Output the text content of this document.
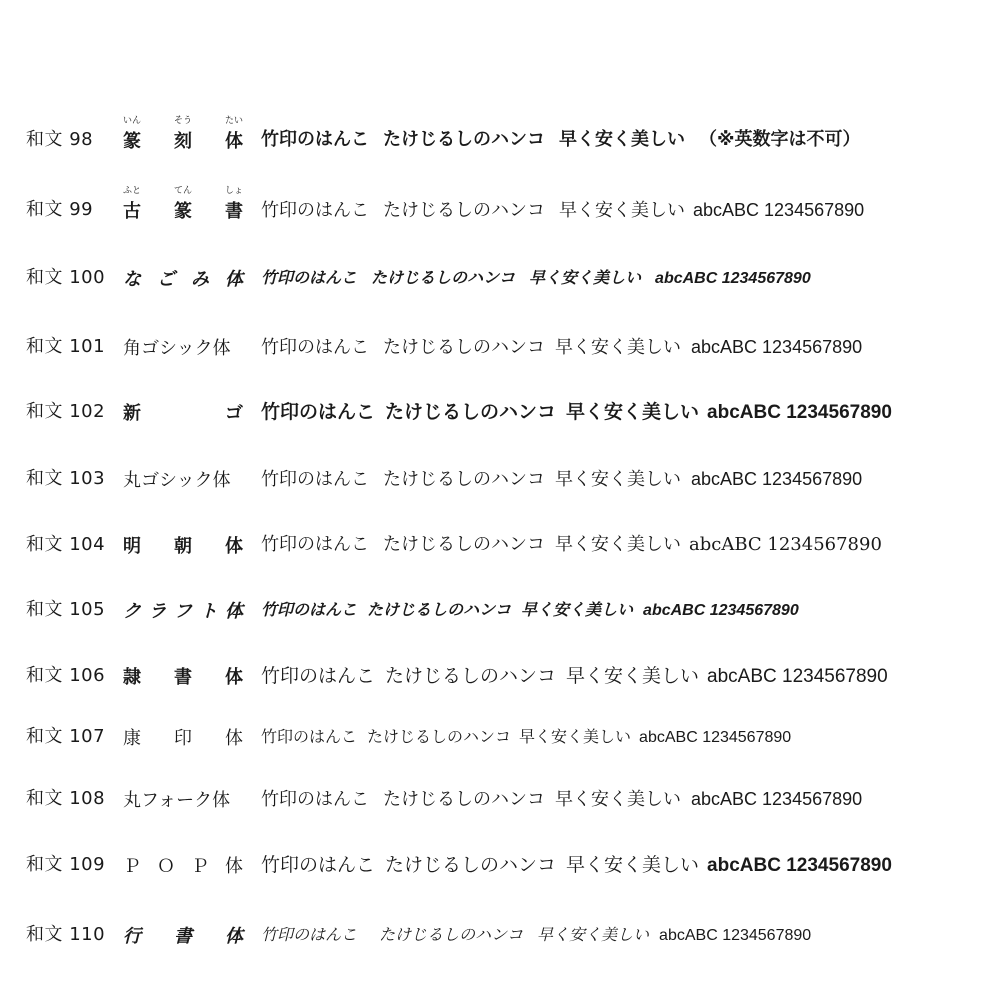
和文 98
いん
篆
そう
刻
たい
体 竹印のはんこ たけじるしのハンコ 早く安く美しい （※英数字は不可）
和文 99
ふと
古
てん
篆
しょ
書 竹印のはんこ たけじるしのハンコ 早く安く美しい abcABC 1234567890
和文 100 な ご み 体 竹印のはんこ たけじるしのハンコ 早く安く美しい abcABC 1234567890
和文 101 角ゴシック体 竹印のはんこ たけじるしのハンコ 早く安く美しい abcABC 1234567890
和文 102 新	ゴ 竹印のはんこ たけじるしのハンコ 早く安く美しい abcABC 1234567890
和文 103 丸ゴシック体 竹印のはんこ たけじるしのハンコ 早く安く美しい abcABC 1234567890
和文 104 明 朝 体 竹印のはんこ たけじるしのハンコ 早く安く美しい abcABC 1234567890
和文 105 ク ラ フ ト 体 竹印のはんこ たけじるしのハンコ 早く安く美しい abcABC 1234567890
和文 106 隷 書 体 竹印のはんこ たけじるしのハンコ 早く安く美しい abcABC 1234567890
和文 107 康 印 体 竹印のはんこ たけじるしのハンコ 早く安く美しい abcABC 1234567890
和文 108 丸フォーク体 竹印のはんこ たけじるしのハンコ 早く安く美しい abcABC 1234567890
和文 109 Ｐ Ｏ Ｐ 体 竹印のはんこ たけじるしのハンコ 早く安く美しい abcABC 1234567890
和文 110 行 書 体 竹印のはんこ たけじるしのハンコ 早く安く美しい abcABC 1234567890
